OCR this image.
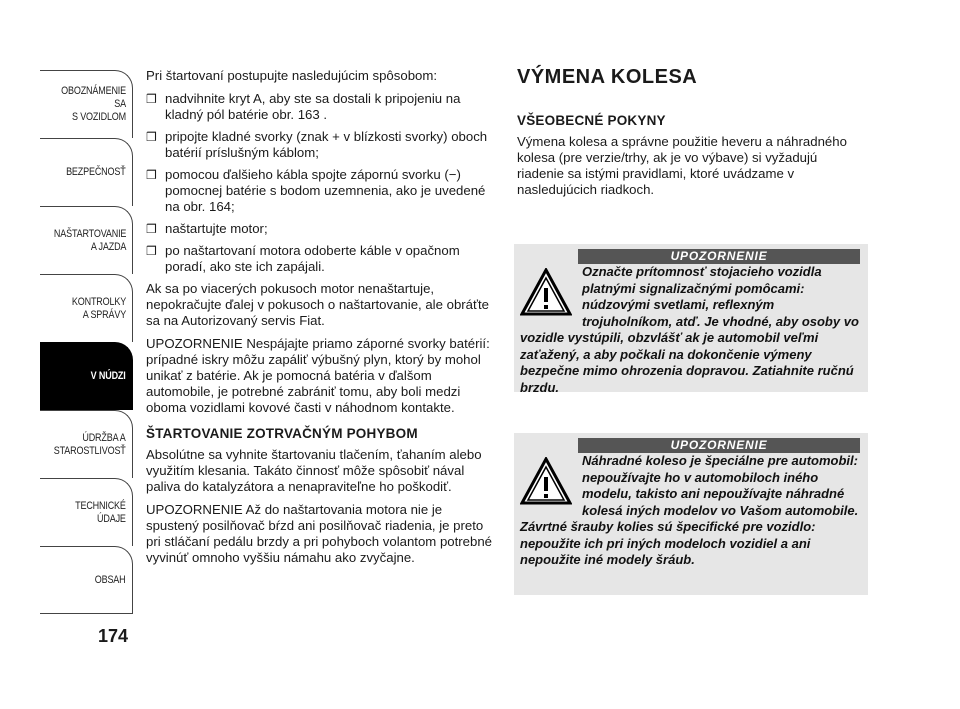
OBOZNÁMENIE SA
S VOZIDLOM
BEZPEČNOSŤ
NAŠTARTOVANIE
A JAZDA
KONTROLKY
A SPRÁVY
V NÚDZI
ÚDRŽBA A
STAROSTLIVOSŤ
TECHNICKÉ
ÚDAJE
OBSAH
174

Pri štartovaní postupujte nasledujúcim spôsobom:

❒ nadvihnite kryt A, aby ste sa dostali k pripojeniu na kladný pól batérie obr. 163 .
❒ pripojte kladné svorky (znak + v blízkosti svorky) oboch batérií príslušným káblom;
❒ pomocou ďalšieho kábla spojte zápornú svorku (−) pomocnej batérie s bodom uzemnenia, ako je uvedené na obr. 164;
❒ naštartujte motor;
❒ po naštartovaní motora odoberte káble v opačnom poradí, ako ste ich zapájali.

Ak sa po viacerých pokusoch motor nenaštartuje, nepokračujte ďalej v pokusoch o naštartovanie, ale obráťte sa na Autorizovaný servis Fiat.

UPOZORNENIE Nespájajte priamo záporné svorky batérií: prípadné iskry môžu zapáliť výbušný plyn, ktorý by mohol unikať z batérie. Ak je pomocná batéria v ďalšom automobile, je potrebné zabrániť tomu, aby boli medzi oboma vozidlami kovové časti v náhodnom kontakte.

ŠTARTOVANIE ZOTRVAČNÝM POHYBOM

Absolútne sa vyhnite štartovaniu tlačením, ťahaním alebo využitím klesania. Takáto činnosť môže spôsobiť nával paliva do katalyzátora a nenapraviteľne ho poškodiť.

UPOZORNENIE Až do naštartovania motora nie je spustený posilňovač bŕzd ani posilňovač riadenia, je preto pri stláčaní pedálu brzdy a pri pohyboch volantom potrebné vyvinúť omnoho vyššiu námahu ako zvyčajne.

VÝMENA KOLESA
VŠEOBECNÉ POKYNY

Výmena kolesa a správne použitie heveru a náhradného kolesa (pre verzie/trhy, ak je vo výbave) si vyžadujú riadenie sa istými pravidlami, ktoré uvádzame v nasledujúcich riadkoch.

UPOZORNENIE
Označte prítomnosť stojacieho vozidla platnými signalizačnými pomôcami: núdzovými svetlami, reflexným trojuholníkom, atď. Je vhodné, aby osoby vo vozidle vystúpili, obzvlášť ak je automobil veľmi zaťažený, a aby počkali na dokončenie výmeny bezpečne mimo ohrozenia dopravou. Zatiahnite ručnú brzdu.
UPOZORNENIE
Náhradné koleso je špeciálne pre automobil: nepoužívajte ho v automobiloch iného modelu, takisto ani nepoužívajte náhradné kolesá iných modelov vo Vašom automobile. Závrtné šrauby kolies sú špecifické pre vozidlo: nepoužite ich pri iných modeloch vozidiel a ani nepoužite iné modely šráub.
